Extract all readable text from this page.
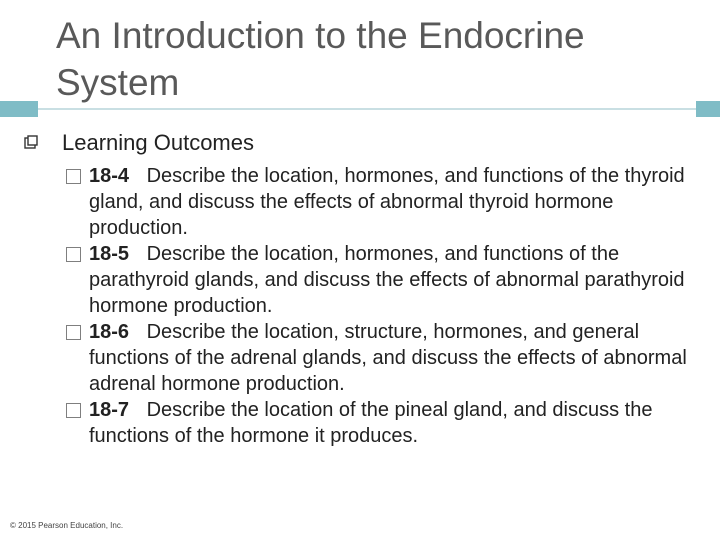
An Introduction to the Endocrine System
Learning Outcomes
18-4 Describe the location, hormones, and functions of the thyroid gland, and discuss the effects of abnormal thyroid hormone production.
18-5 Describe the location, hormones, and functions of the parathyroid glands, and discuss the effects of abnormal parathyroid hormone production.
18-6 Describe the location, structure, hormones, and general functions of the adrenal glands, and discuss the effects of abnormal adrenal hormone production.
18-7 Describe the location of the pineal gland, and discuss the functions of the hormone it produces.
© 2015 Pearson Education, Inc.
